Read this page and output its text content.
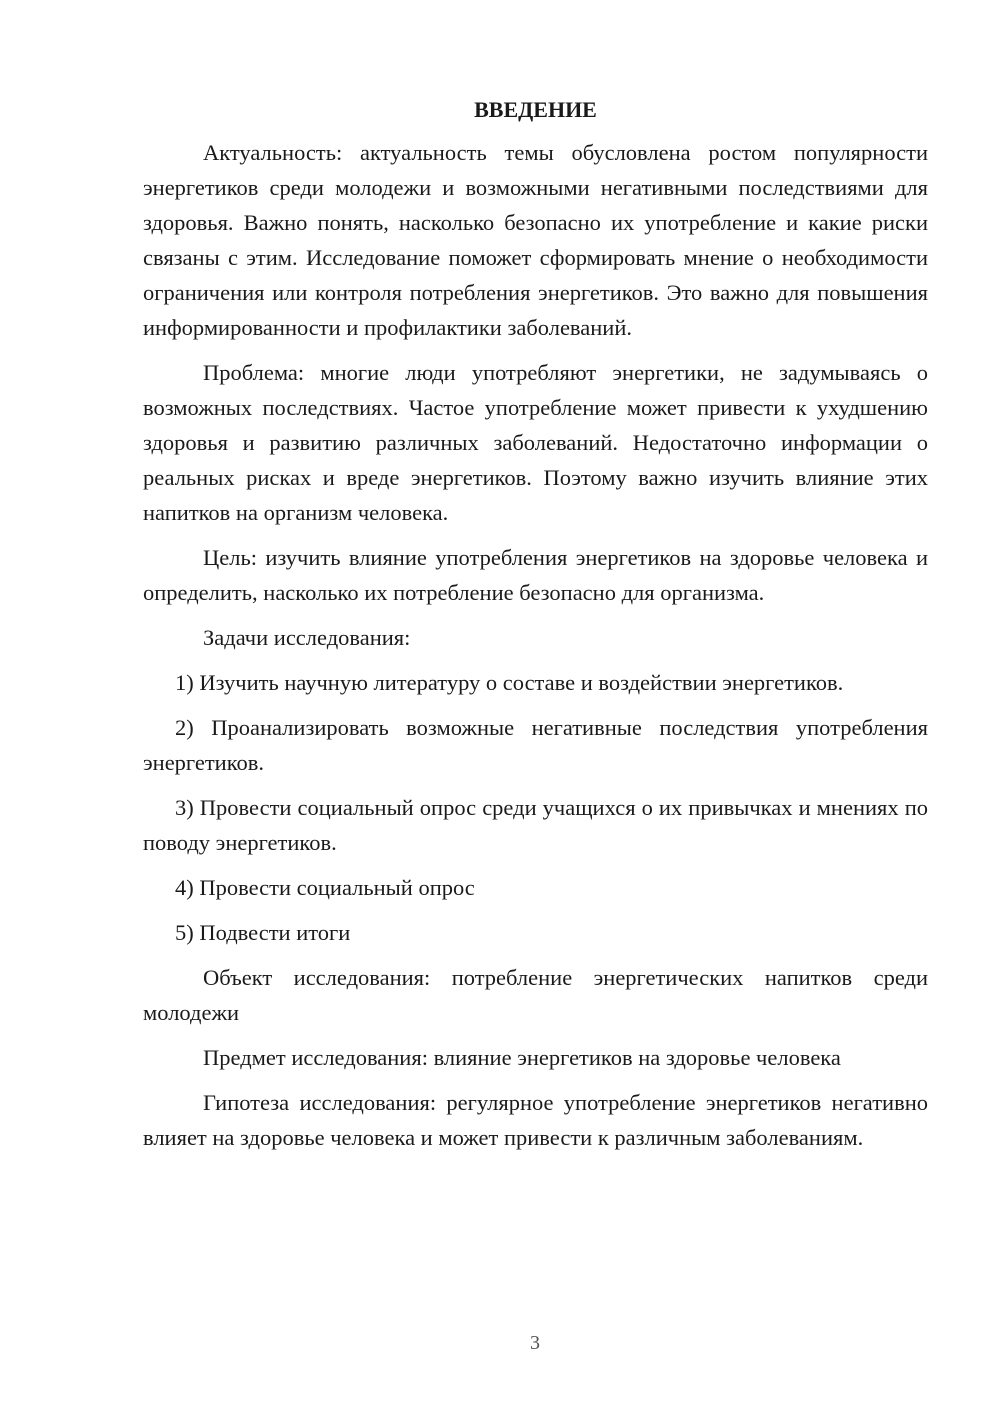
ВВЕДЕНИЕ

Актуальность: актуальность темы обусловлена ростом популярности энергетиков среди молодежи и возможными негативными последствиями для здоровья. Важно понять, насколько безопасно их употребление и какие риски связаны с этим. Исследование поможет сформировать мнение о необходимости ограничения или контроля потребления энергетиков. Это важно для повышения информированности и профилактики заболеваний.

Проблема: многие люди употребляют энергетики, не задумываясь о возможных последствиях. Частое употребление может привести к ухудшению здоровья и развитию различных заболеваний. Недостаточно информации о реальных рисках и вреде энергетиков. Поэтому важно изучить влияние этих напитков на организм человека.

Цель: изучить влияние употребления энергетиков на здоровье человека и определить, насколько их потребление безопасно для организма.

Задачи исследования:

1) Изучить научную литературу о составе и воздействии энергетиков.

2) Проанализировать возможные негативные последствия употребления энергетиков.

3) Провести социальный опрос среди учащихся о их привычках и мнениях по поводу энергетиков.

4) Провести социальный опрос

5) Подвести итоги

Объект исследования: потребление энергетических напитков среди молодежи

Предмет исследования: влияние энергетиков на здоровье человека

Гипотеза исследования: регулярное употребление энергетиков негативно влияет на здоровье человека и может привести к различным заболеваниям.

3
